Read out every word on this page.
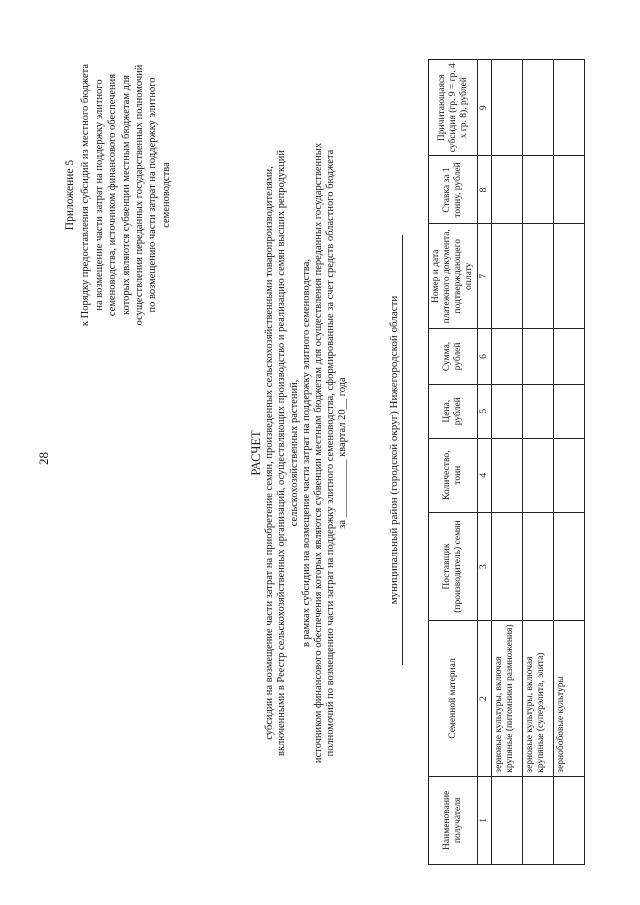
28
Приложение 5 к Порядку предоставления субсидий из местного бюджета на возмещение части затрат на поддержку элитного семеноводства, источником финансового обеспечения которых являются субвенции местным бюджетам для осуществления переданных государственных полномочий по возмещению части затрат на поддержку элитного семеноводства
РАСЧЕТ субсидии на возмещение части затрат на приобретение семян, произведенных сельскохозяйственными товаропроизводителями, включенными в Реестр сельскохозяйственных организаций, осуществляющих производство и реализацию семян высших репродукций сельскохозяйственных растений, в рамках субсидии на возмещение части затрат на поддержку элитного семеноводства, источником финансового обеспечения которых являются субвенции местным бюджетам для осуществления переданных государственных полномочий по возмещению части затрат на поддержку элитного семеноводства, сформированные за счет средств областного бюджета за ___________ квартал 20__ года	муниципальный район (городской округ) Нижегородской области
Наименование получателя	Семенной материал	Поставщик (производитель) семян	Количество, тонн	Цена, рублей	Сумма, рублей	Номер и дата платежного документа, подтверждающего оплату	Ставка за 1 тонну, рублей	Причитающаяся субсидия (гр. 9 = гр. 4 х гр. 8), рублей
1	2	3	4	5	6	7	8	9
	зерновые культуры, включая крупяные (питомники размножения)							
	зерновые культуры, включая крупяные (суперэлита, элита)							
	зернобобовые культуры							
